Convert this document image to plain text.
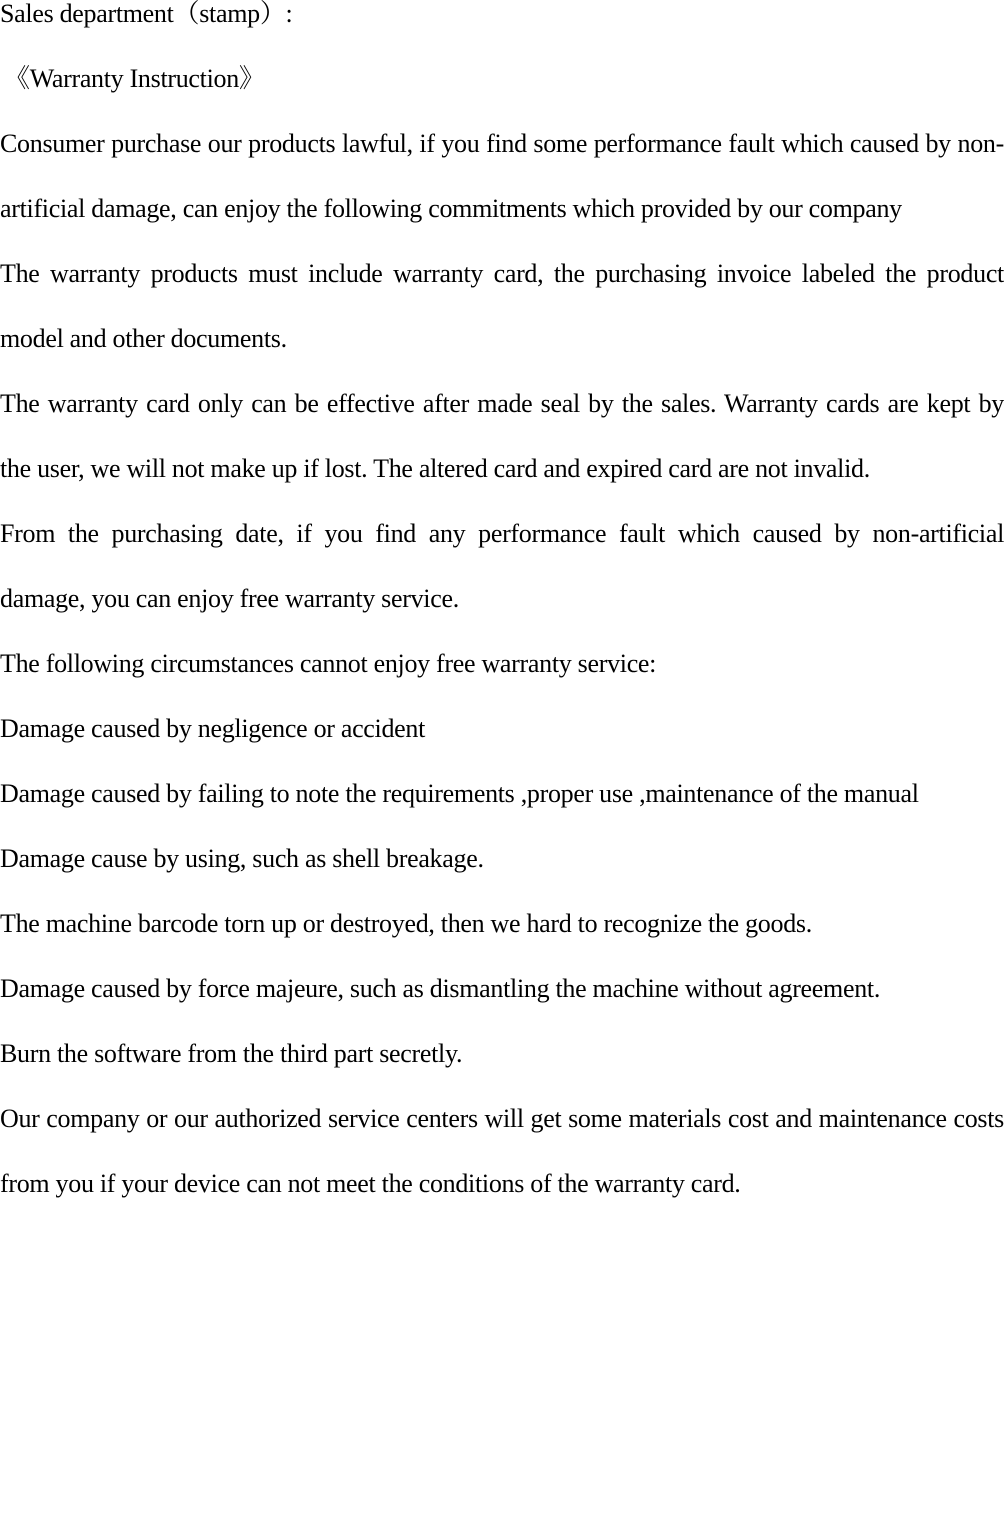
Sales department（stamp）:

《Warranty Instruction》

Consumer purchase our products lawful, if you find some performance fault which caused by non-artificial damage, can enjoy the following commitments which provided by our company

The warranty products must include warranty card, the purchasing invoice labeled the product model and other documents.

The warranty card only can be effective after made seal by the sales. Warranty cards are kept by the user, we will not make up if lost. The altered card and expired card are not invalid.

From the purchasing date, if you find any performance fault which caused by non-artificial damage, you can enjoy free warranty service.

The following circumstances cannot enjoy free warranty service:

Damage caused by negligence or accident

Damage caused by failing to note the requirements ,proper use ,maintenance of the manual

Damage cause by using, such as shell breakage.

The machine barcode torn up or destroyed, then we hard to recognize the goods.

Damage caused by force majeure, such as dismantling the machine without agreement.

Burn the software from the third part secretly.

Our company or our authorized service centers will get some materials cost and maintenance costs from you if your device can not meet the conditions of the warranty card.
